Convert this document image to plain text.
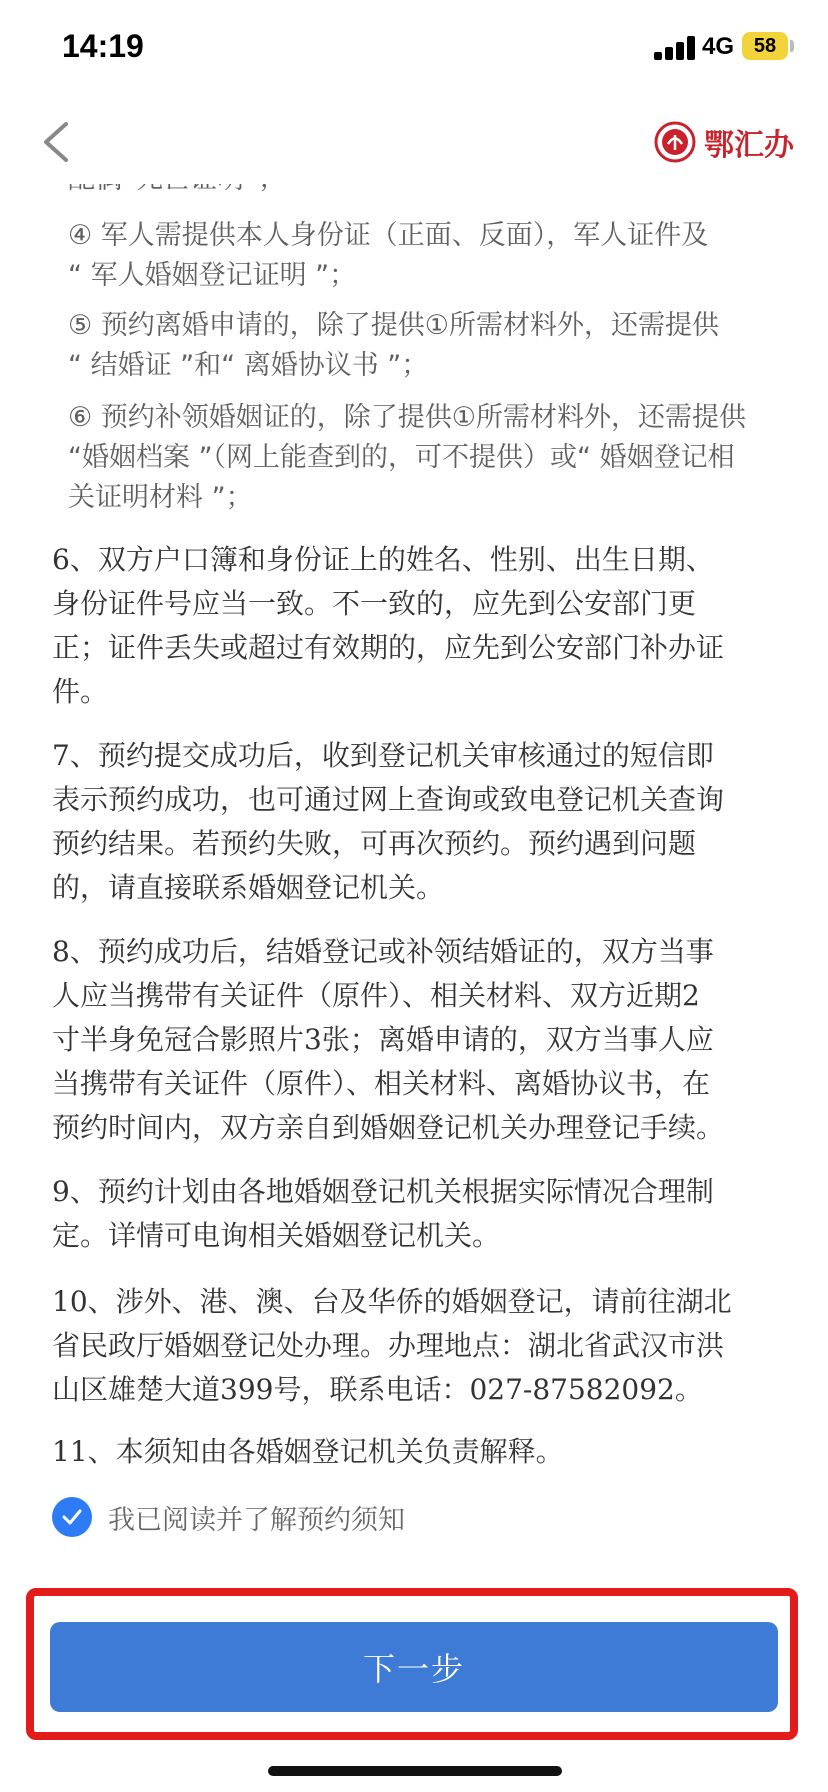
14:19	4G 58
鄂汇办
④ 军人需提供本人身份证（正面、反面），军人证件及
“ 军人婚姻登记证明 ”；
⑤ 预约离婚申请的，除了提供①所需材料外，还需提供
“ 结婚证 ”和“ 离婚协议书 ”；
⑥ 预约补领婚姻证的，除了提供①所需材料外，还需提供
“婚姻档案 ”（网上能查到的，可不提供）或“ 婚姻登记相
关证明材料 ”；
6、双方户口簿和身份证上的姓名、性别、出生日期、
身份证件号应当一致。不一致的，应先到公安部门更
正；证件丢失或超过有效期的，应先到公安部门补办证
件。
7、预约提交成功后，收到登记机关审核通过的短信即
表示预约成功，也可通过网上查询或致电登记机关查询
预约结果。若预约失败，可再次预约。预约遇到问题
的，请直接联系婚姻登记机关。
8、预约成功后，结婚登记或补领结婚证的，双方当事
人应当携带有关证件（原件）、相关材料、双方近期2
寸半身免冠合影照片3张；离婚申请的，双方当事人应
当携带有关证件（原件）、相关材料、离婚协议书，在
预约时间内，双方亲自到婚姻登记机关办理登记手续。
9、预约计划由各地婚姻登记机关根据实际情况合理制
定。详情可电询相关婚姻登记机关。
10、涉外、港、澳、台及华侨的婚姻登记，请前往湖北
省民政厅婚姻登记处办理。办理地点：湖北省武汉市洪
山区雄楚大道399号，联系电话：027-87582092。
11、本须知由各婚姻登记机关负责解释。
我已阅读并了解预约须知
下一步
